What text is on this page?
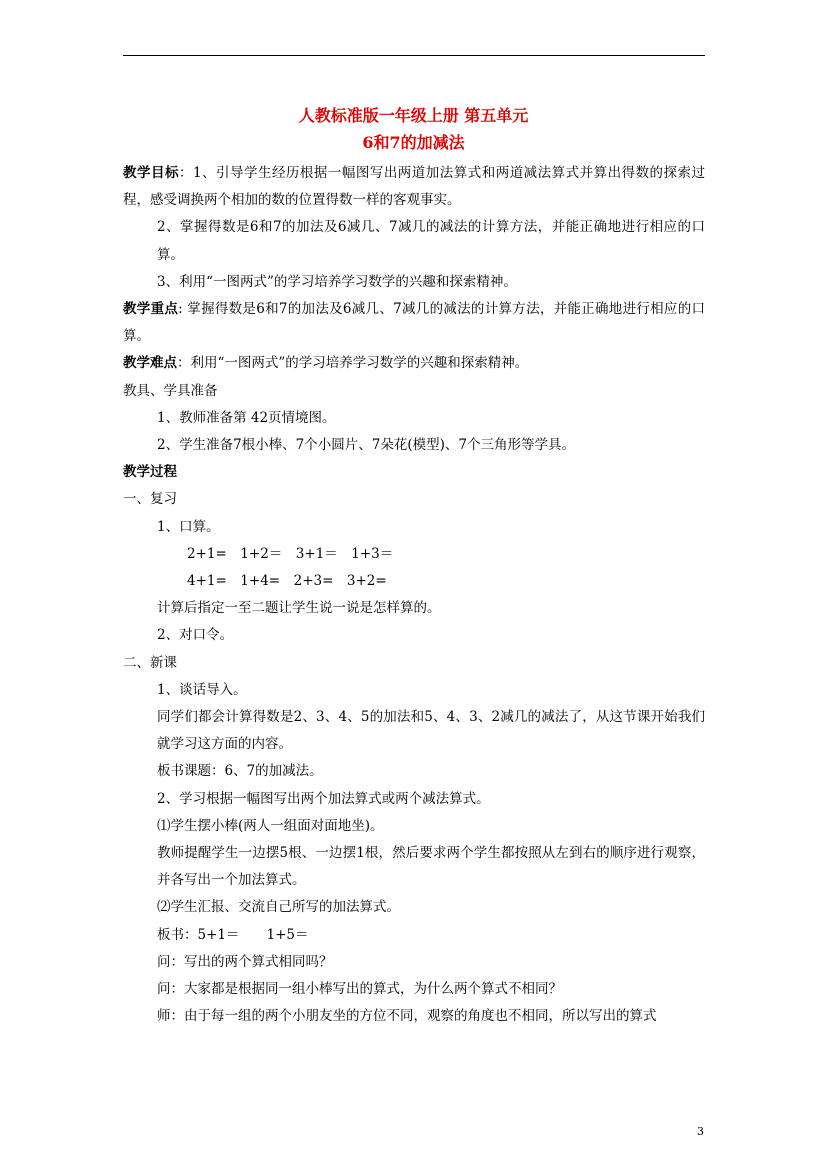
人教标准版一年级上册 第五单元
6和7的加减法

教学目标：1、引导学生经历根据一幅图写出两道加法算式和两道减法算式并算出得数的探索过程，感受调换两个相加的数的位置得数一样的客观事实。

2、掌握得数是6和7的加法及6减几、7减几的减法的计算方法，并能正确地进行相应的口算。

3、利用“一图两式”的学习培养学习数学的兴趣和探索精神。

教学重点: 掌握得数是6和7的加法及6减几、7减几的减法的计算方法，并能正确地进行相应的口算。

教学难点：利用“一图两式”的学习培养学习数学的兴趣和探索精神。

教具、学具准备

1、教师准备第 42页情境图。

2、学生准备7根小棒、7个小圆片、7朵花(模型)、7个三角形等学具。

教学过程

一、复习

1、口算。

2+1=　1+2＝　3+1＝　1+3＝

4+1=　1+4=　2+3=　3+2=

计算后指定一至二题让学生说一说是怎样算的。

2、对口令。

二、新课

1、谈话导入。

同学们都会计算得数是2、3、4、5的加法和5、4、3、2减几的减法了，从这节课开始我们就学习这方面的内容。

板书课题：6、7的加减法。

2、学习根据一幅图写出两个加法算式或两个减法算式。

⑴学生摆小棒(两人一组面对面地坐)。

教师提醒学生一边摆5根、一边摆1根，然后要求两个学生都按照从左到右的顺序进行观察，并各写出一个加法算式。

⑵学生汇报、交流自己所写的加法算式。

板书：5+1＝　　1+5＝

问：写出的两个算式相同吗？

问：大家都是根据同一组小棒写出的算式，为什么两个算式不相同？

师：由于每一组的两个小朋友坐的方位不同，观察的角度也不相同，所以写出的算式

3
